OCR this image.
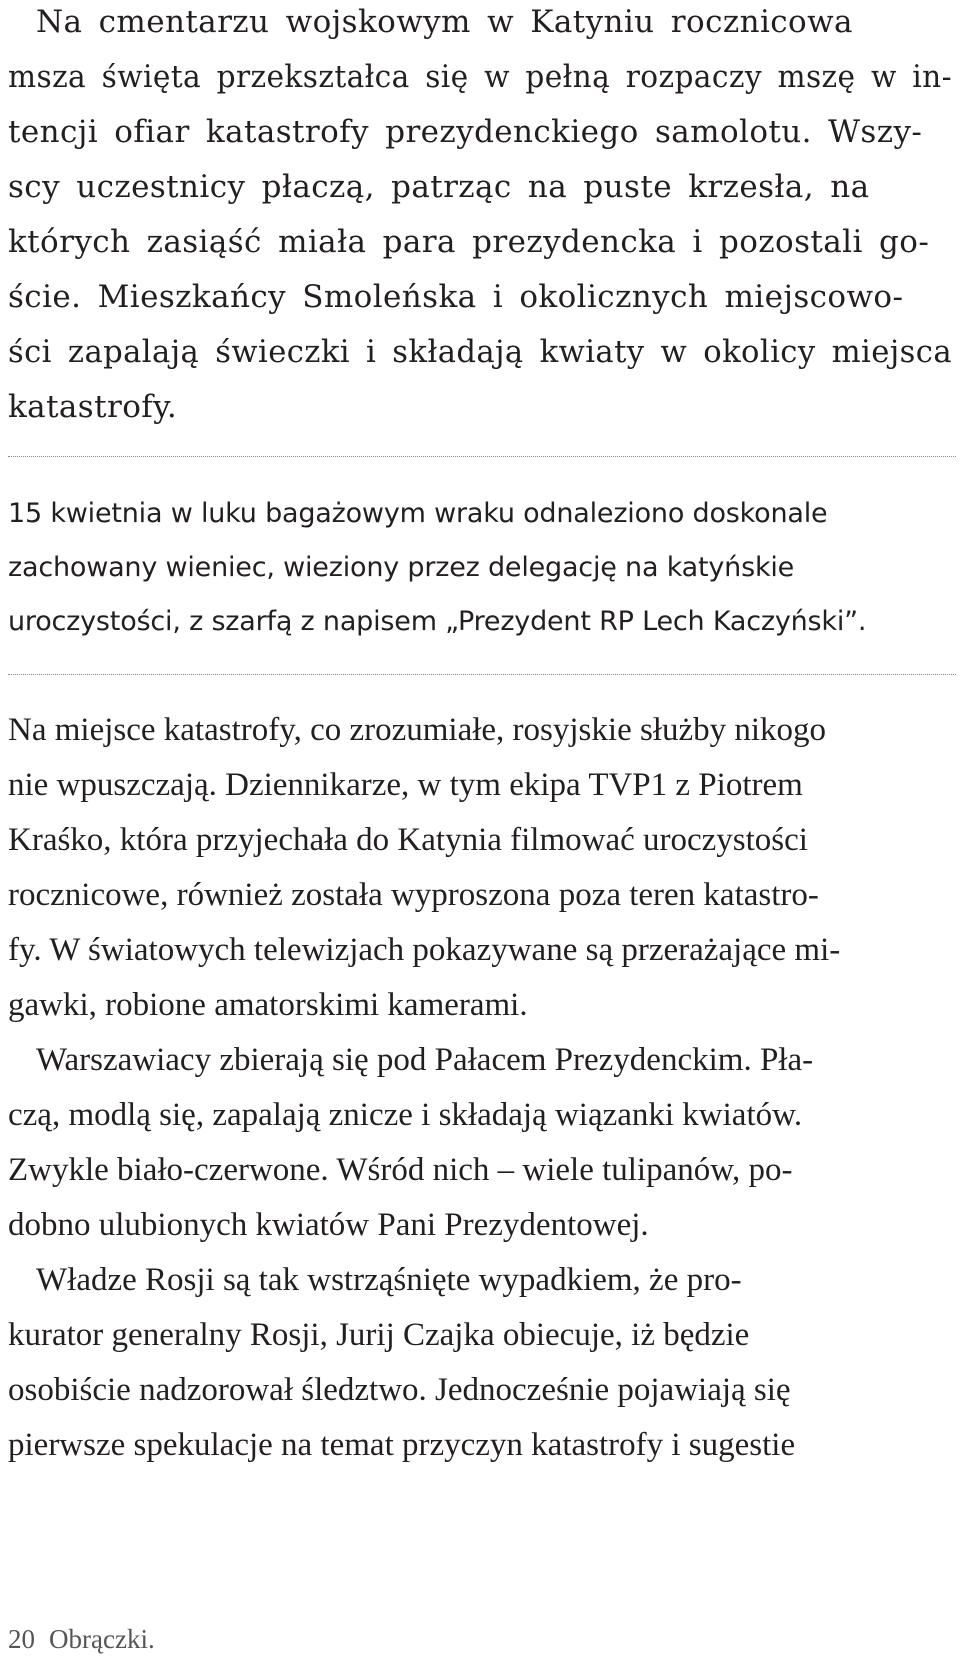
Na cmentarzu wojskowym w Katyniu rocznicowa
msza święta przekształca się w pełną rozpaczy mszę w in-
tencji ofiar katastrofy prezydenckiego samolotu. Wszy-
scy uczestnicy płaczą, patrząc na puste krzesła, na
których zasiąść miała para prezydencka i pozostali go-
ście. Mieszkańcy Smoleńska i okolicznych miejscowo-
ści zapalają świeczki i składają kwiaty w okolicy miejsca
katastrofy.
15 kwietnia w luku bagażowym wraku odnaleziono doskonale
zachowany wieniec, wieziony przez delegację na katyńskie
uroczystości, z szarfą z napisem „Prezydent RP Lech Kaczyński”.
Na miejsce katastrofy, co zrozumiałe, rosyjskie służby nikogo
nie wpuszczają. Dziennikarze, w tym ekipa TVP1 z Piotrem
Kraśko, która przyjechała do Katynia filmować uroczystości
rocznicowe, również została wyproszona poza teren katastro-
fy. W światowych telewizjach pokazywane są przerażające mi-
gawki, robione amatorskimi kamerami.
Warszawiacy zbierają się pod Pałacem Prezydenckim. Pła-
czą, modlą się, zapalają znicze i składają wiązanki kwiatów.
Zwykle biało-czerwone. Wśród nich – wiele tulipanów, po-
dobno ulubionych kwiatów Pani Prezydentowej.
Władze Rosji są tak wstrząśnięte wypadkiem, że pro-
kurator generalny Rosji, Jurij Czajka obiecuje, iż będzie
osobiście nadzorował śledztwo. Jednocześnie pojawiają się
pierwsze spekulacje na temat przyczyn katastrofy i sugestie
20 Obrączki.
